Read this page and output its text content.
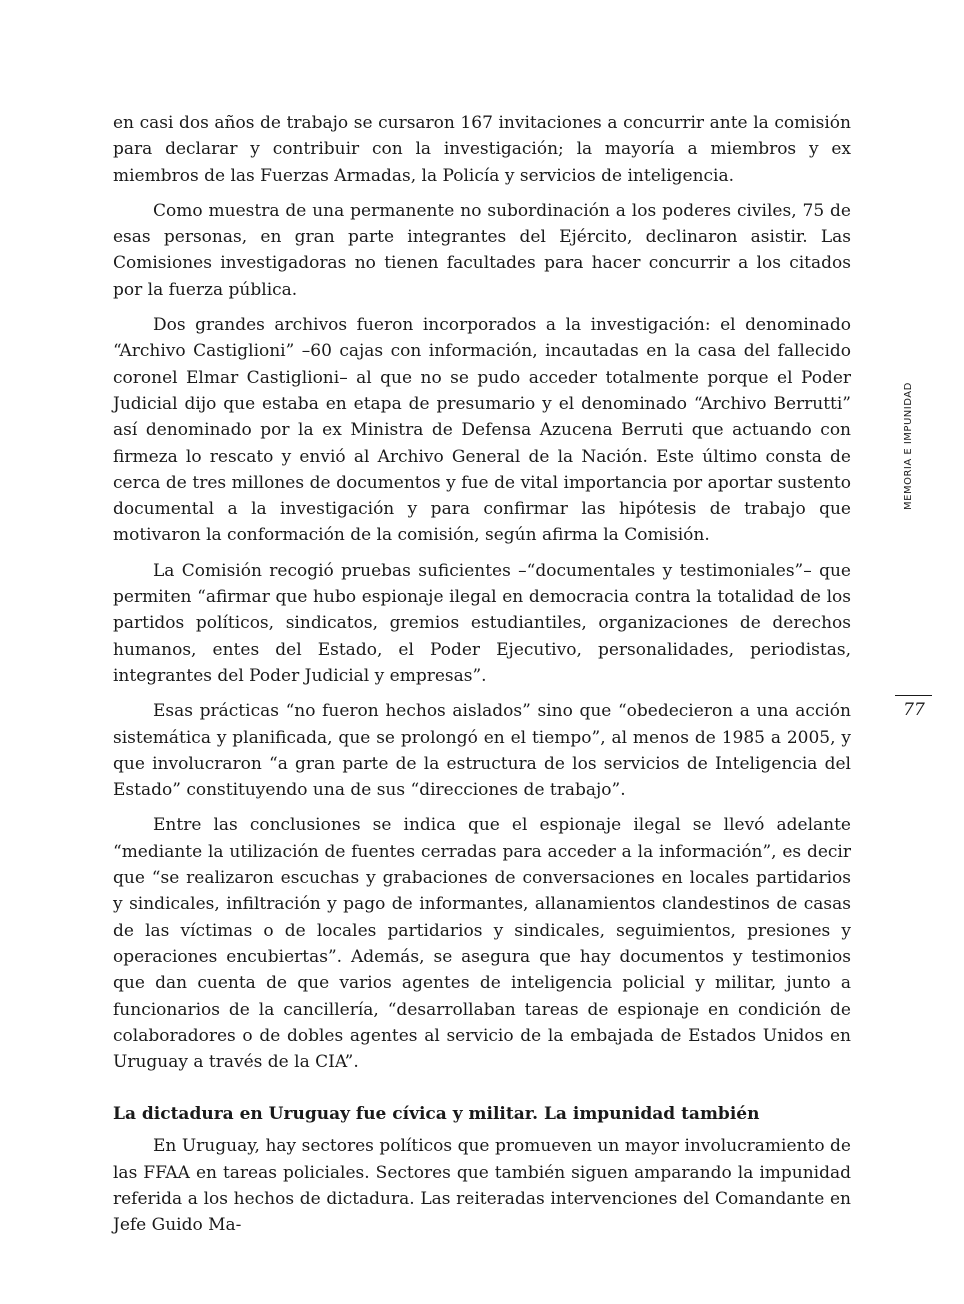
en casi dos años de trabajo se cursaron 167 invitaciones a concurrir ante la comisión para declarar y contribuir con la investigación; la mayoría a miembros y ex miembros de las Fuerzas Armadas, la Policía y servicios de inteligencia.

Como muestra de una permanente no subordinación a los poderes civiles, 75 de esas personas, en gran parte integrantes del Ejército, declinaron asistir. Las Comisiones investigadoras no tienen facultades para hacer concurrir a los citados por la fuerza pública.

Dos grandes archivos fueron incorporados a la investigación: el denominado “Archivo Castiglioni” –60 cajas con información, incautadas en la casa del fallecido coronel Elmar Castiglioni– al que no se pudo acceder totalmente porque el Poder Judicial dijo que estaba en etapa de presumario y el denominado “Archivo Berrutti” así denominado por la ex Ministra de Defensa Azucena Berruti que actuando con firmeza lo rescato y envió al Archivo General de la Nación. Este último consta de cerca de tres millones de documentos y fue de vital importancia por aportar sustento documental a la investigación y para confirmar las hipótesis de trabajo que motivaron la conformación de la comisión, según afirma la Comisión.

La Comisión recogió pruebas suficientes –“documentales y testimoniales”– que permiten “afirmar que hubo espionaje ilegal en democracia contra la totalidad de los partidos políticos, sindicatos, gremios estudiantiles, organizaciones de derechos humanos, entes del Estado, el Poder Ejecutivo, personalidades, periodistas, integrantes del Poder Judicial y empresas”.

Esas prácticas “no fueron hechos aislados” sino que “obedecieron a una acción sistemática y planificada, que se prolongó en el tiempo”, al menos de 1985 a 2005, y que involucraron “a gran parte de la estructura de los servicios de Inteligencia del Estado” constituyendo una de sus “direcciones de trabajo”.

Entre las conclusiones se indica que el espionaje ilegal se llevó adelante “mediante la utilización de fuentes cerradas para acceder a la información”, es decir que “se realizaron escuchas y grabaciones de conversaciones en locales partidarios y sindicales, infiltración y pago de informantes, allanamientos clandestinos de casas de las víctimas o de locales partidarios y sindicales, seguimientos, presiones y operaciones encubiertas”. Además, se asegura que hay documentos y testimonios que dan cuenta de que varios agentes de inteligencia policial y militar, junto a funcionarios de la cancillería, “desarrollaban tareas de espionaje en condición de colaboradores o de dobles agentes al servicio de la embajada de Estados Unidos en Uruguay a través de la CIA”.

La dictadura en Uruguay fue cívica y militar. La impunidad también

En Uruguay, hay sectores políticos que promueven un mayor involucramiento de las FFAA en tareas policiales. Sectores que también siguen amparando la impunidad referida a los hechos de dictadura. Las reiteradas intervenciones del Comandante en Jefe Guido Ma-

MEMORIA E IMPUNIDAD
77
